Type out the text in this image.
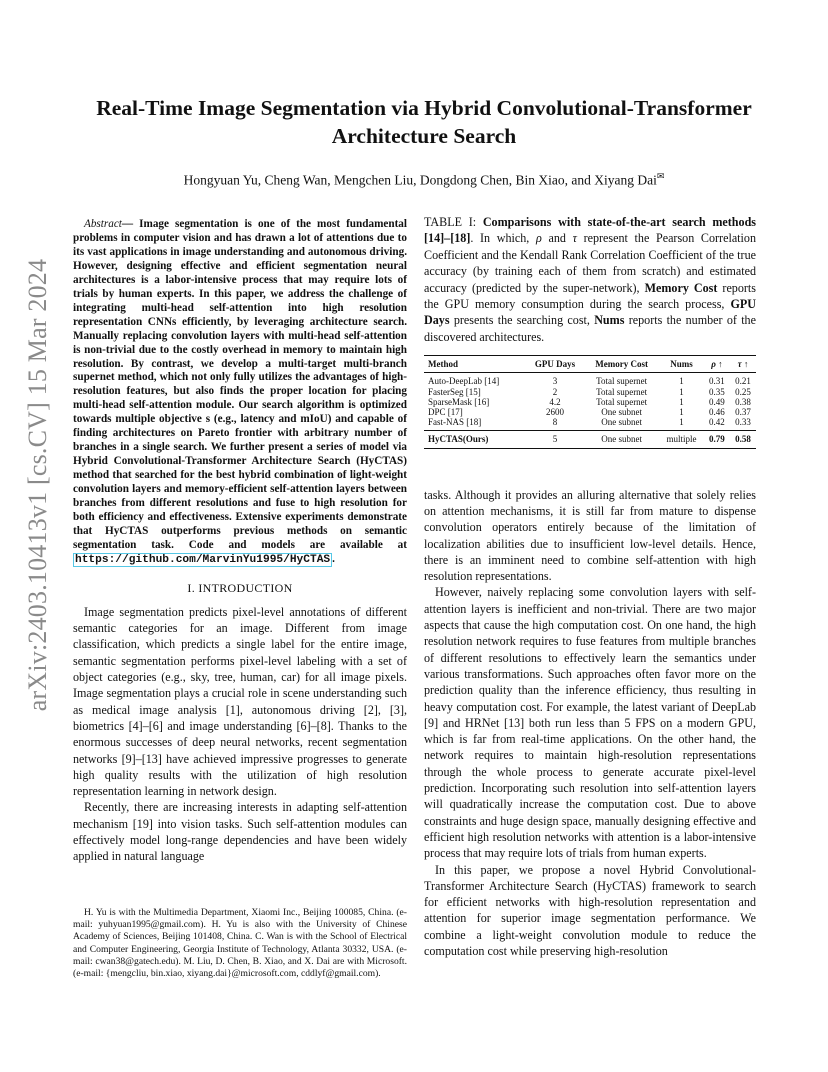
arXiv:2403.10413v1 [cs.CV] 15 Mar 2024
Real-Time Image Segmentation via Hybrid Convolutional-Transformer
Architecture Search
Hongyuan Yu, Cheng Wan, Mengchen Liu, Dongdong Chen, Bin Xiao, and Xiyang Dai✉

Abstract— Image segmentation is one of the most fundamental problems in computer vision and has drawn a lot of attentions due to its vast applications in image understanding and autonomous driving. However, designing effective and efficient segmentation neural architectures is a labor-intensive process that may require lots of trials by human experts. In this paper, we address the challenge of integrating multi-head self-attention into high resolution representation CNNs efficiently, by leveraging architecture search. Manually replacing convolution layers with multi-head self-attention is non-trivial due to the costly overhead in memory to maintain high resolution. By contrast, we develop a multi-target multi-branch supernet method, which not only fully utilizes the advantages of high-resolution features, but also finds the proper location for placing multi-head self-attention module. Our search algorithm is optimized towards multiple objective s (e.g., latency and mIoU) and capable of finding architectures on Pareto frontier with arbitrary number of branches in a single search. We further present a series of model via Hybrid Convolutional-Transformer Architecture Search (HyCTAS) method that searched for the best hybrid combination of light-weight convolution layers and memory-efficient self-attention layers between branches from different resolutions and fuse to high resolution for both efficiency and effectiveness. Extensive experiments demonstrate that HyCTAS outperforms previous methods on semantic segmentation task. Code and models are available at https://github.com/MarvinYu1995/HyCTAS .

I. INTRODUCTION

Image segmentation predicts pixel-level annotations of different semantic categories for an image. Different from image classification, which predicts a single label for the entire image, semantic segmentation performs pixel-level labeling with a set of object categories (e.g., sky, tree, human, car) for all image pixels. Image segmentation plays a crucial role in scene understanding such as medical image analysis [1], autonomous driving [2], [3], biometrics [4]–[6] and image understanding [6]–[8]. Thanks to the enormous successes of deep neural networks, recent segmentation networks [9]–[13] have achieved impressive progresses to generate high quality results with the utilization of high resolution representation learning in network design.

Recently, there are increasing interests in adapting self-attention mechanism [19] into vision tasks. Such self-attention modules can effectively model long-range dependencies and have been widely applied in natural language

H. Yu is with the Multimedia Department, Xiaomi Inc., Beijing 100085, China. (e-mail: yuhyuan1995@gmail.com). H. Yu is also with the University of Chinese Academy of Sciences, Beijing 101408, China. C. Wan is with the School of Electrical and Computer Engineering, Georgia Institute of Technology, Atlanta 30332, USA. (e-mail: cwan38@gatech.edu). M. Liu, D. Chen, B. Xiao, and X. Dai are with Microsoft. (e-mail: {mengcliu, bin.xiao, xiyang.dai}@microsoft.com, cddlyf@gmail.com).

TABLE I: Comparisons with state-of-the-art search methods [14]–[18]. In which, ρ and τ represent the Pearson Correlation Coefficient and the Kendall Rank Correlation Coefficient of the true accuracy (by training each of them from scratch) and estimated accuracy (predicted by the super-network), Memory Cost reports the GPU memory consumption during the search process, GPU Days presents the searching cost, Nums reports the number of the discovered architectures.

Method	GPU Days	Memory Cost	Nums	ρ ↑	τ ↑
Auto-DeepLab [14]	3	Total supernet	1	0.31	0.21
FasterSeg [15]	2	Total supernet	1	0.35	0.25
SparseMask [16]	4.2	Total supernet	1	0.49	0.38
DPC [17]	2600	One subnet	1	0.46	0.37
Fast-NAS [18]	8	One subnet	1	0.42	0.33
HyCTAS(Ours)	5	One subnet	multiple	0.79	0.58

tasks. Although it provides an alluring alternative that solely relies on attention mechanisms, it is still far from mature to dispense convolution operators entirely because of the limitation of localization abilities due to insufficient low-level details. Hence, there is an imminent need to combine self-attention with high resolution representations.

However, naively replacing some convolution layers with self-attention layers is inefficient and non-trivial. There are two major aspects that cause the high computation cost. On one hand, the high resolution network requires to fuse features from multiple branches of different resolutions to effectively learn the semantics under various transformations. Such approaches often favor more on the prediction quality than the inference efficiency, thus resulting in heavy computation cost. For example, the latest variant of DeepLab [9] and HRNet [13] both run less than 5 FPS on a modern GPU, which is far from real-time applications. On the other hand, the network requires to maintain high-resolution representations through the whole process to generate accurate pixel-level prediction. Incorporating such resolution into self-attention layers will quadratically increase the computation cost. Due to above constraints and huge design space, manually designing effective and efficient high resolution networks with attention is a labor-intensive process that may require lots of trials from human experts.

In this paper, we propose a novel Hybrid Convolutional-Transformer Architecture Search (HyCTAS) framework to search for efficient networks with high-resolution representation and attention for superior image segmentation performance. We combine a light-weight convolution module to reduce the computation cost while preserving high-resolution
